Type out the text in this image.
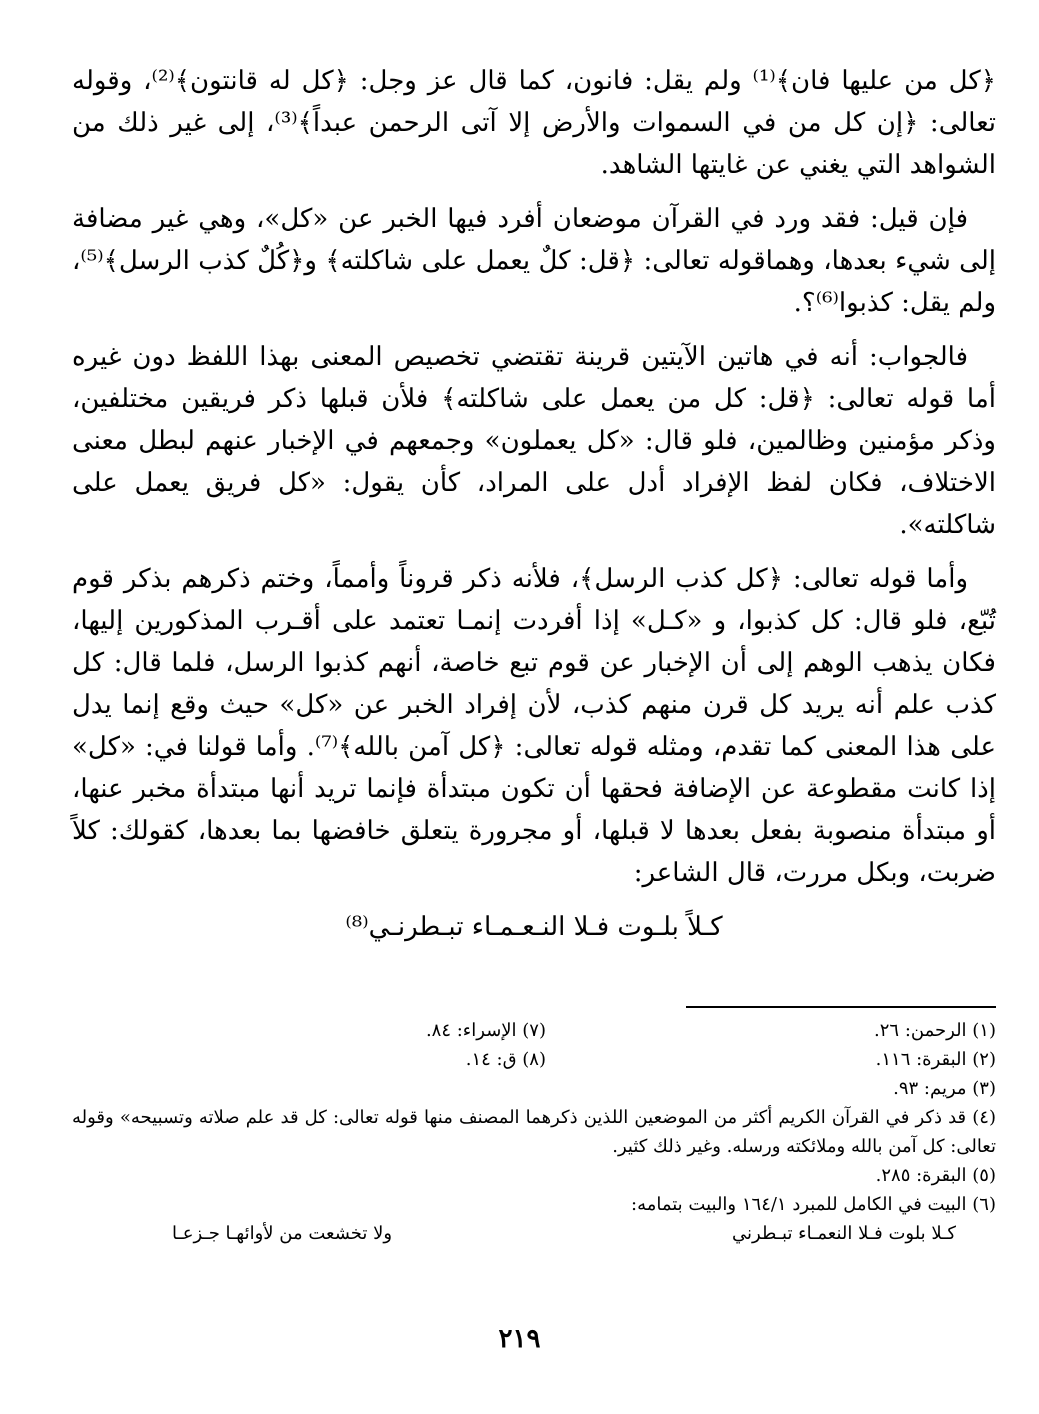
﴿كل من عليها فان﴾⁽¹⁾ ولم يقل: فانون، كما قال عز وجل: ﴿كل له قانتون﴾⁽²⁾، وقوله تعالى: ﴿إن كل من في السموات والأرض إلا آتى الرحمن عبداً﴾⁽³⁾، إلى غير ذلك من الشواهد التي يغني عن غايتها الشاهد.

فإن قيل: فقد ورد في القرآن موضعان أفرد فيها الخبر عن «كل»، وهي غير مضافة إلى شيء بعدها، وهماقوله تعالى: ﴿قل: كلٌ يعمل على شاكلته﴾ و﴿كُلٌ كذب الرسل﴾⁽⁵⁾، ولم يقل: كذبوا⁽⁶⁾؟.

فالجواب: أنه في هاتين الآيتين قرينة تقتضي تخصيص المعنى بهذا اللفظ دون غيره أما قوله تعالى: ﴿قل: كل من يعمل على شاكلته﴾ فلأن قبلها ذكر فريقين مختلفين، وذكر مؤمنين وظالمين، فلو قال: «كل يعملون» وجمعهم في الإخبار عنهم لبطل معنى الاختلاف، فكان لفظ الإفراد أدل على المراد، كأن يقول: «كل فريق يعمل على شاكلته».

وأما قوله تعالى: ﴿كل كذب الرسل﴾، فلأنه ذكر قروناً وأمماً، وختم ذكرهم بذكر قوم تُبّع، فلو قال: كل كذبوا، و «كـل» إذا أفردت إنمـا تعتمد على أقـرب المذكورين إليها، فكان يذهب الوهم إلى أن الإخبار عن قوم تبع خاصة، أنهم كذبوا الرسل، فلما قال: كل كذب علم أنه يريد كل قرن منهم كذب، لأن إفراد الخبر عن «كل» حيث وقع إنما يدل على هذا المعنى كما تقدم، ومثله قوله تعالى: ﴿كل آمن بالله﴾⁽⁷⁾. وأما قولنا في: «كل» إذا كانت مقطوعة عن الإضافة فحقها أن تكون مبتدأة فإنما تريد أنها مبتدأة مخبر عنها، أو مبتدأة منصوبة بفعل بعدها لا قبلها، أو مجرورة يتعلق خافضها بما بعدها، كقولك: كلاً ضربت، وبكل مررت، قال الشاعر:

كـلاً بلـوت فـلا النـعـمـاء تبـطرنـي⁽⁸⁾

(١) الرحمن: ٢٦.
(٧) الإسراء: ٨٤.
(٢) البقرة: ١١٦.
(٨) ق: ١٤.

(٣) مريم: ٩٣.

(٤) قد ذكر في القرآن الكريم أكثر من الموضعين اللذين ذكرهما المصنف منها قوله تعالى: كل قد علم صلاته وتسبيحه» وقوله تعالى: كل آمن بالله وملائكته ورسله. وغير ذلك كثير.

(٥) البقرة: ٢٨٥.

(٦) البيت في الكامل للمبرد ١٦٤/١ والبيت بتمامه:

كـلا بلوت فـلا النعمـاء تبـطرني
ولا تخشعت من لأوائهـا جـزعـا
٢١٩
